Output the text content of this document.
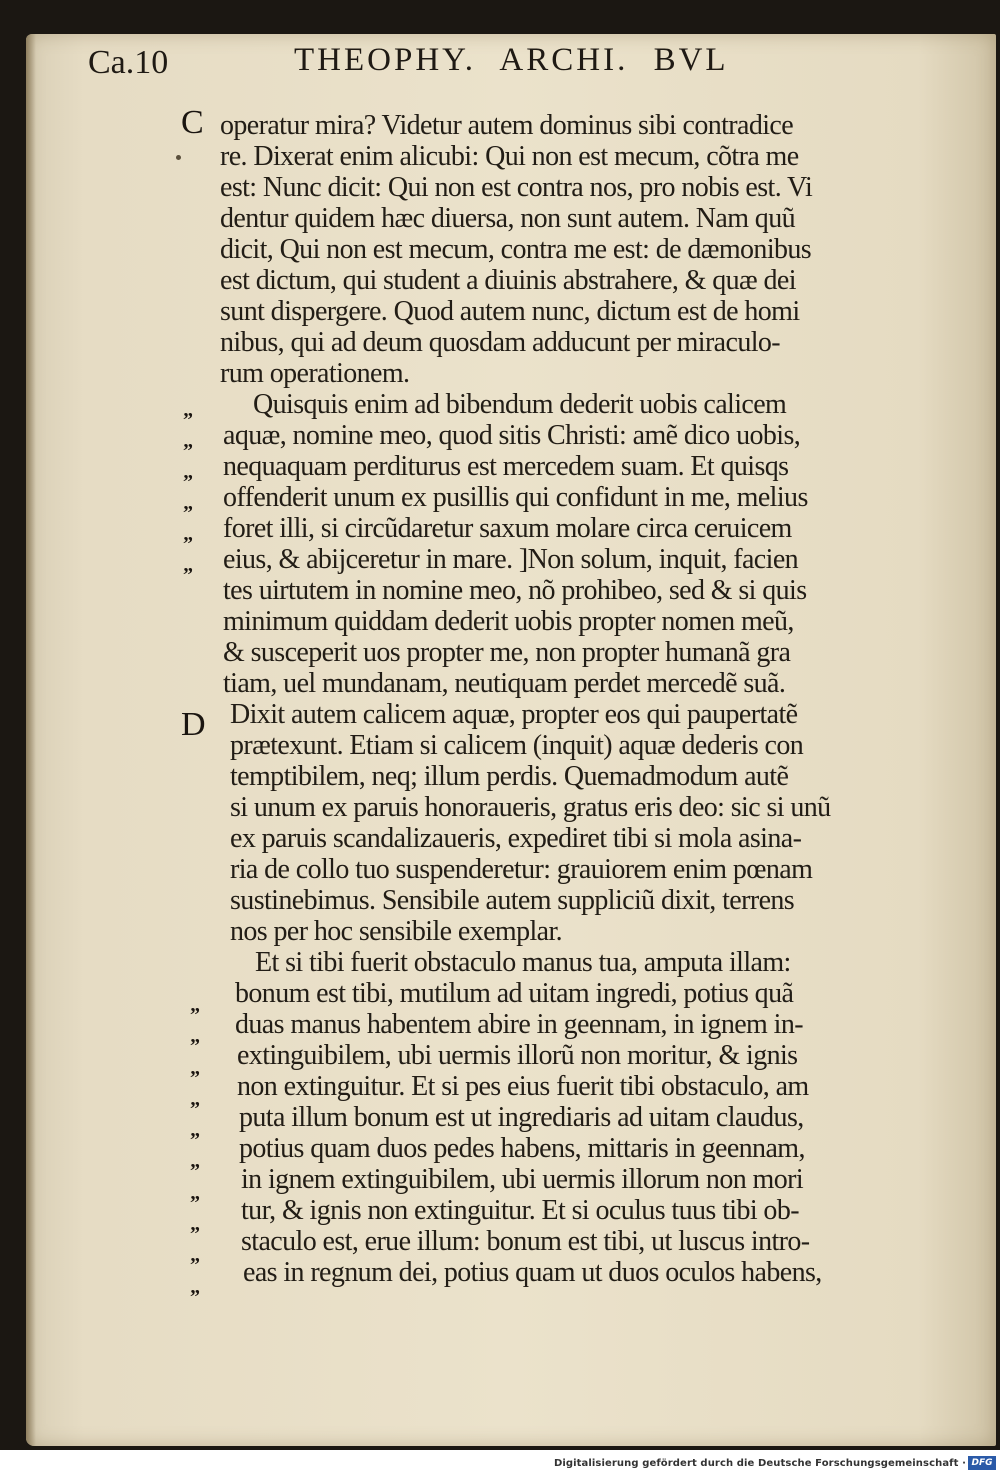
Ca.10	THEOPHY. ARCHI. BVL
C
D
”
”
”
”
”
”
”
”
”
”
”
”
”
”
”
”
operatur mira? Videtur autem dominus sibi contradice
re. Dixerat enim alicubi: Qui non est mecum, cõtra me
est: Nunc dicit: Qui non est contra nos, pro nobis est. Vi
dentur quidem hæc diuersa, non sunt autem. Nam quũ
dicit, Qui non est mecum, contra me est: de dæmonibus
est dictum, qui student a diuinis abstrahere, & quæ dei
sunt dispergere. Quod autem nunc, dictum est de homi
nibus, qui ad deum quosdam adducunt per miraculo-
rum operationem.
Quisquis enim ad bibendum dederit uobis calicem
aquæ, nomine meo, quod sitis Christi: amẽ dico uobis,
nequaquam perditurus est mercedem suam. Et quisqs
offenderit unum ex pusillis qui confidunt in me, melius
foret illi, si circũdaretur saxum molare circa ceruicem
eius, & abijceretur in mare. ]Non solum, inquit, facien
tes uirtutem in nomine meo, nõ prohibeo, sed & si quis
minimum quiddam dederit uobis propter nomen meũ,
& susceperit uos propter me, non propter humanã gra
tiam, uel mundanam, neutiquam perdet mercedẽ suã.
Dixit autem calicem aquæ, propter eos qui paupertatẽ
prætexunt. Etiam si calicem (inquit) aquæ dederis con
temptibilem, neq; illum perdis. Quemadmodum autẽ
si unum ex paruis honoraueris, gratus eris deo: sic si unũ
ex paruis scandalizaueris, expediret tibi si mola asina-
ria de collo tuo suspenderetur: grauiorem enim pœnam
sustinebimus. Sensibile autem suppliciũ dixit, terrens
nos per hoc sensibile exemplar.
Et si tibi fuerit obstaculo manus tua, amputa illam:
bonum est tibi, mutilum ad uitam ingredi, potius quã
duas manus habentem abire in geennam, in ignem in-
extinguibilem, ubi uermis illorũ non moritur, & ignis
non extinguitur. Et si pes eius fuerit tibi obstaculo, am
puta illum bonum est ut ingrediaris ad uitam claudus,
potius quam duos pedes habens, mittaris in geennam,
in ignem extinguibilem, ubi uermis illorum non mori
tur, & ignis non extinguitur. Et si oculus tuus tibi ob-
staculo est, erue illum: bonum est tibi, ut luscus intro-
eas in regnum dei, potius quam ut duos oculos habens,
Digitalisierung gefördert durch die Deutsche Forschungsgemeinschaft · DFG
